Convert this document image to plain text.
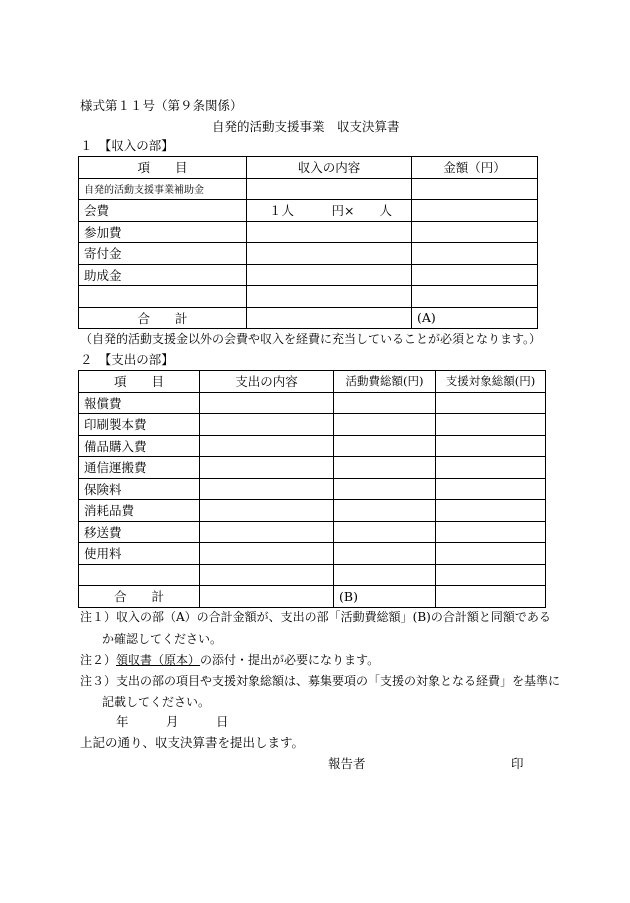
様式第１１号（第９条関係）
自発的活動支援事業　収支決算書
１　【収入の部】
項　　目	収入の内容	金額（円）
自発的活動支援事業補助金		
会費	１人　　　円×　　人	
参加費		
寄付金		
助成金		

合　　計		(A)
（自発的活動支援金以外の会費や収入を経費に充当していることが必須となります。）
２　【支出の部】
項　　目	支出の内容	活動費総額(円)	支援対象総額(円)
報償費			
印刷製本費			
備品購入費			
通信運搬費			
保険料			
消耗品費			
移送費			
使用料			

合　　計		(B)	
注１）収入の部（A）の合計金額が、支出の部「活動費総額」(B)の合計額と同額である
か確認してください。
注２）領収書（原本）の添付・提出が必要になります。
注３）支出の部の項目や支援対象総額は、募集要項の「支援の対象となる経費」を基準に
記載してください。
年　　　月　　　日
上記の通り、収支決算書を提出します。
報告者	印
